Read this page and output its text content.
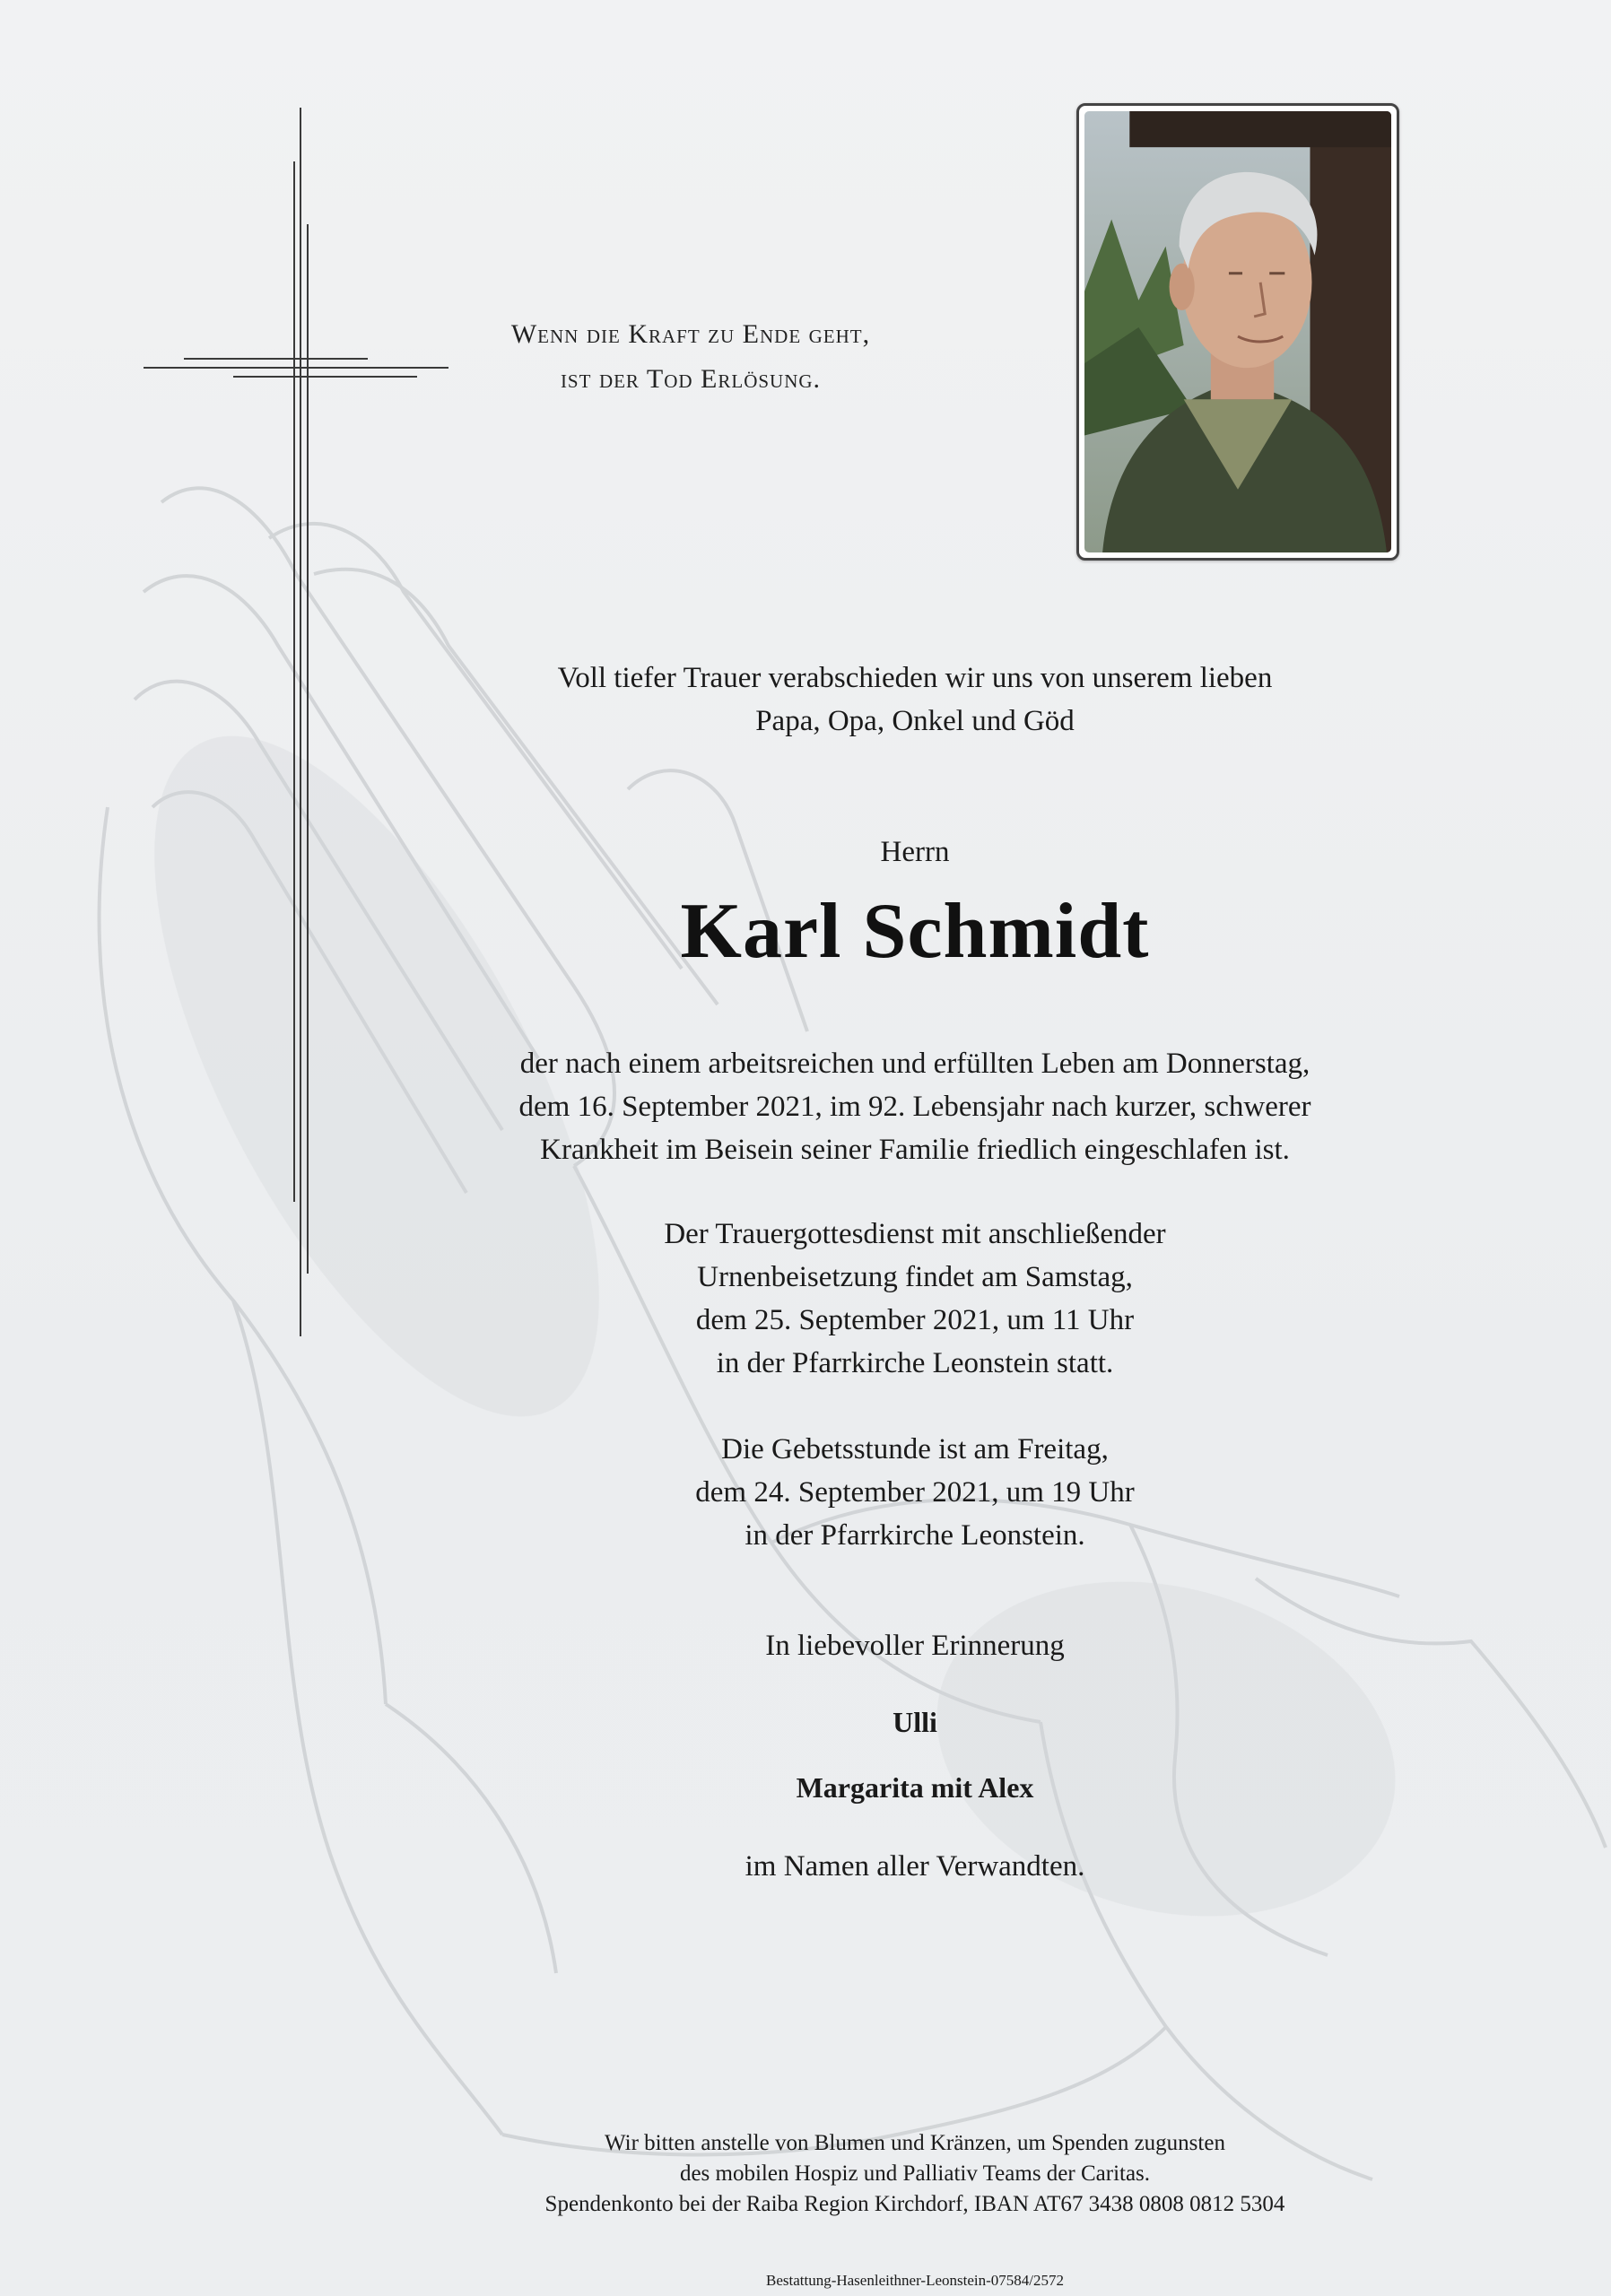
Wenn die Kraft zu Ende geht,
ist der Tod Erlösung.
Voll tiefer Trauer verabschieden wir uns von unserem lieben
Papa, Opa, Onkel und Göd
Herrn
Karl Schmidt
der nach einem arbeitsreichen und erfüllten Leben am Donnerstag,
dem 16. September 2021, im 92. Lebensjahr nach kurzer, schwerer
Krankheit im Beisein seiner Familie friedlich eingeschlafen ist.
Der Trauergottesdienst mit anschließender
Urnenbeisetzung findet am Samstag,
dem 25. September 2021, um 11 Uhr
in der Pfarrkirche Leonstein statt.
Die Gebetsstunde ist am Freitag,
dem 24. September 2021, um 19 Uhr
in der Pfarrkirche Leonstein.
In liebevoller Erinnerung
Ulli
Margarita mit Alex
im Namen aller Verwandten.
Wir bitten anstelle von Blumen und Kränzen, um Spenden zugunsten
des mobilen Hospiz und Palliativ Teams der Caritas.
Spendenkonto bei der Raiba Region Kirchdorf, IBAN AT67 3438 0808 0812 5304
Bestattung-Hasenleithner-Leonstein-07584/2572
